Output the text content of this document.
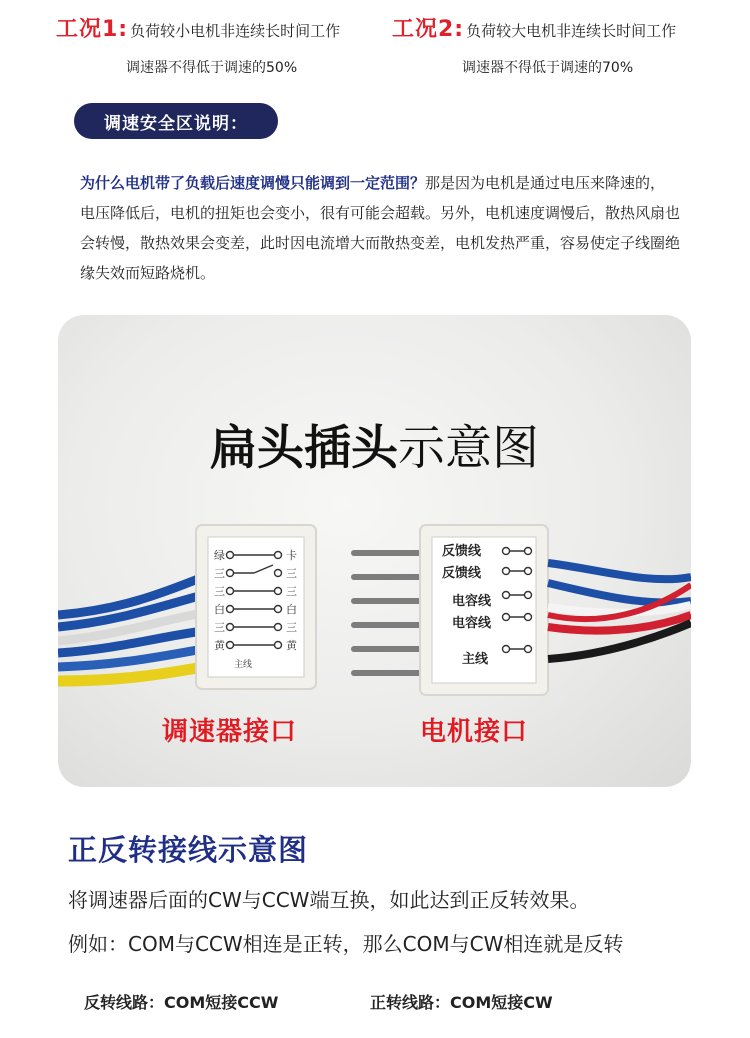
工况1: 负荷较小电机非连续长时间工作
调速器不得低于调速的50%
工况2: 负荷较大电机非连续长时间工作
调速器不得低于调速的70%
调速安全区说明：
为什么电机带了负载后速度调慢只能调到一定范围？那是因为电机是通过电压来降速的，电压降低后，电机的扭矩也会变小，很有可能会超载。另外，电机速度调慢后，散热风扇也会转慢，散热效果会变差，此时因电流增大而散热变差，电机发热严重，容易使定子线圈绝缘失效而短路烧机。
绿	卡
三	三
三	三
白	白
三	三
黄	黄
主线
反馈线
反馈线
电容线
电容线
主线
扁头插头示意图
调速器接口	电机接口
正反转接线示意图
将调速器后面的CW与CCW端互换，如此达到正反转效果。
例如：COM与CCW相连是正转，那么COM与CW相连就是反转
反转线路：COM短接CCW	正转线路：COM短接CW
